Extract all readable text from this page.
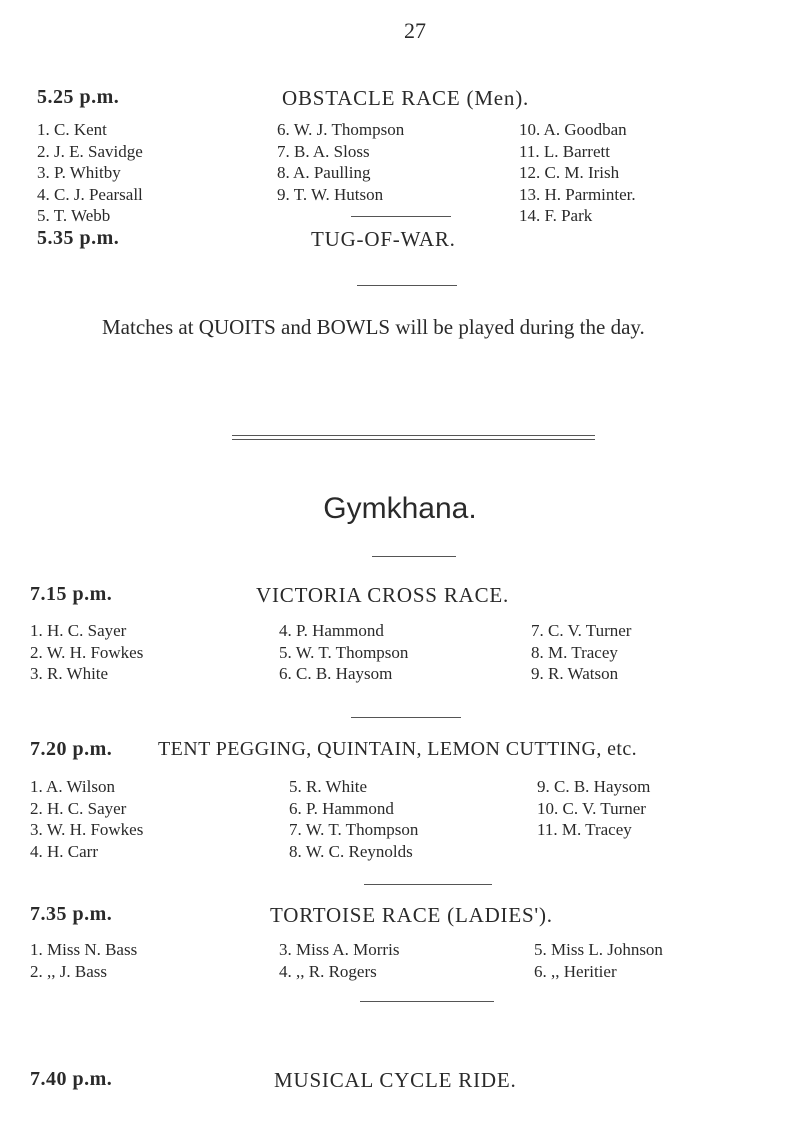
27
5.25 p.m.	OBSTACLE RACE (Men).
1. C. Kent
2. J. E. Savidge
3. P. Whitby
4. C. J. Pearsall
5. T. Webb
6. W. J. Thompson
7. B. A. Sloss
8. A. Paulling
9. T. W. Hutson
10. A. Goodban
11. L. Barrett
12. C. M. Irish
13. H. Parminter.
14. F. Park
5.35 p.m.	TUG-OF-WAR.
Matches at QUOITS and BOWLS will be played during the day.
Gymkhana.
7.15 p.m.	VICTORIA CROSS RACE.
1. H. C. Sayer
2. W. H. Fowkes
3. R. White
4. P. Hammond
5. W. T. Thompson
6. C. B. Haysom
7. C. V. Turner
8. M. Tracey
9. R. Watson
7.20 p.m. TENT PEGGING, QUINTAIN, LEMON CUTTING, etc.
1. A. Wilson
2. H. C. Sayer
3. W. H. Fowkes
4. H. Carr
5. R. White
6. P. Hammond
7. W. T. Thompson
8. W. C. Reynolds
9. C. B. Haysom
10. C. V. Turner
11. M. Tracey
7.35 p.m.	TORTOISE RACE (LADIES').
1. Miss N. Bass
2. ,, J. Bass
3. Miss A. Morris
4. ,, R. Rogers
5. Miss L. Johnson
6. ,, Heritier
7.40 p.m.	MUSICAL CYCLE RIDE.
